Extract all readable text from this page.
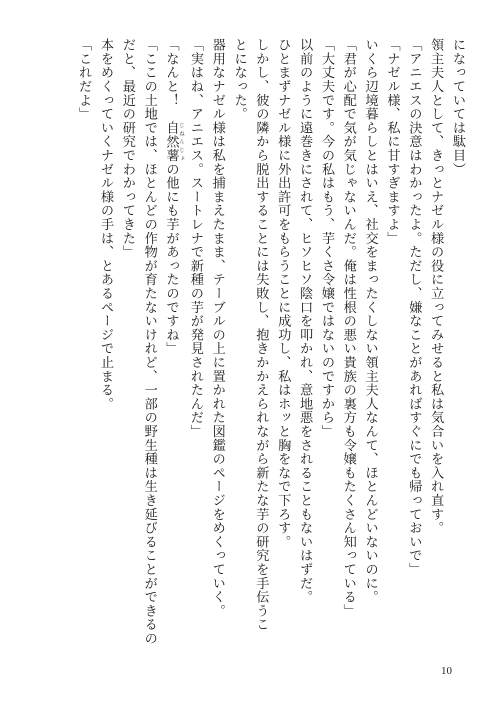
になっていては駄目）
領主夫人として、きっとナゼル様の役に立ってみせると私は気合いを入れ直す。
「アニエスの決意はわかったよ。ただし、嫌なことがあればすぐにでも帰っておいで」
「ナゼル様、私に甘すぎますよ」
いくら辺境暮らしとはいえ、社交をまったくしない領主夫人なんて、ほとんどいないのに。
「君が心配で気が気じゃないんだ。俺は性根の悪い貴族の裏方も令嬢もたくさん知っている」
「大丈夫です。今の私はもう、芋くさ令嬢ではないのですから」
以前のように遠巻きにされて、ヒソヒソ陰口を叩かれ、意地悪をされることもないはずだ。
ひとまずナゼル様に外出許可をもらうことに成功し、私はホッと胸をなで下ろす。
しかし、彼の隣から脱出することには失敗し、抱きかかえられながら新たな芋の研究を手伝うこ
とになった。
器用なナゼル様は私を捕まえたまま、テーブルの上に置かれた図鑑のページをめくっていく。
「実はね、アニエス。スートレナで新種の芋が発見されたんだ」
「なんと！　自然薯 じねんじょの他にも芋があったのですね」
「ここの土地では、ほとんどの作物が育たないけれど、一部の野生種は生き延びることができるの
だと、最近の研究でわかってきた」
本をめくっていくナゼル様の手は、とあるページで止まる。
「これだよ」
10
